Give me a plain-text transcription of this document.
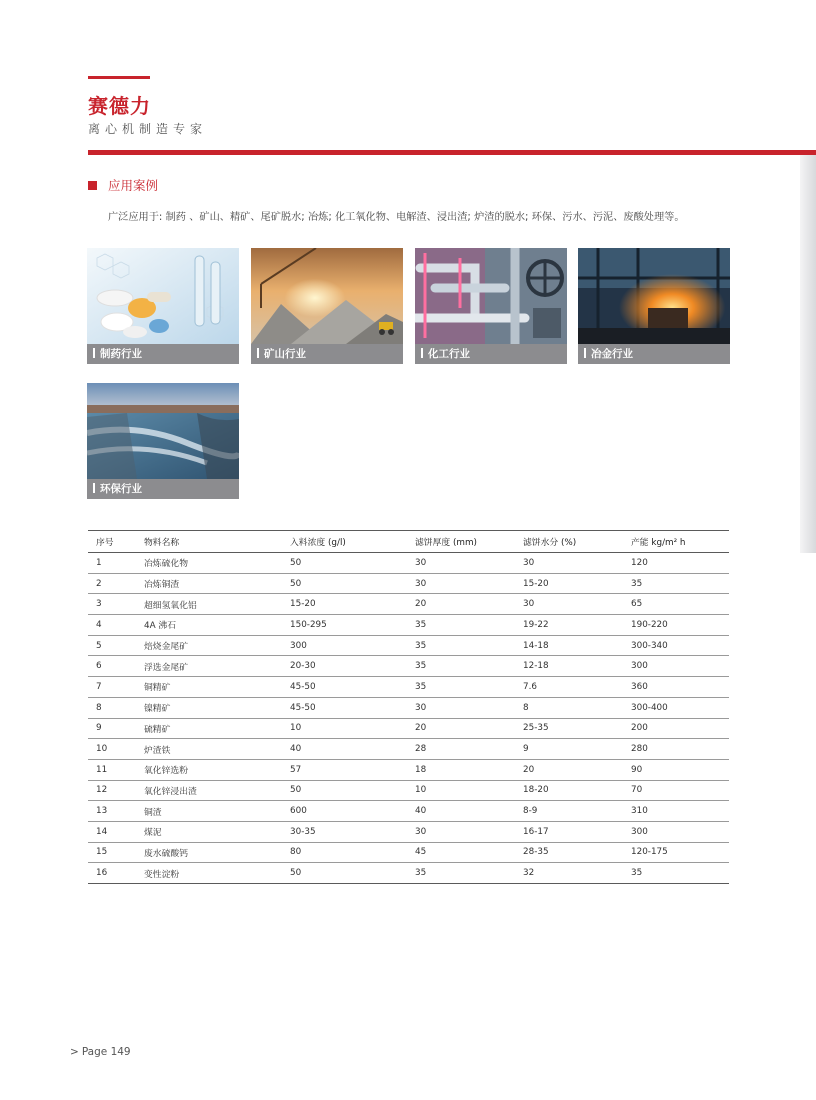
赛德力
离心机制造专家
应用案例
广泛应用于: 制药 、矿山、精矿、尾矿脱水; 冶炼; 化工氧化物、电解渣、浸出渣; 炉渣的脱水; 环保、污水、污泥、废酸处理等。
制药行业	矿山行业	化工行业	冶金行业
环保行业
序号	物料名称	入料浓度 (g/l)	滤饼厚度 (mm)	滤饼水分 (%)	产能 kg/m² h
1	冶炼硫化物	50	30	30	120
2	冶炼铜渣	50	30	15-20	35
3	超细氢氧化铝	15-20	20	30	65
4	4A 沸石	150-295	35	19-22	190-220
5	焙烧金尾矿	300	35	14-18	300-340
6	浮选金尾矿	20-30	35	12-18	300
7	铜精矿	45-50	35	7.6	360
8	镍精矿	45-50	30	8	300-400
9	硫精矿	10	20	25-35	200
10	炉渣铁	40	28	9	280
11	氧化锌选粉	57	18	20	90
12	氧化锌浸出渣	50	10	18-20	70
13	铜渣	600	40	8-9	310
14	煤泥	30-35	30	16-17	300
15	废水硫酸钙	80	45	28-35	120-175
16	变性淀粉	50	35	32	35
> Page 149
